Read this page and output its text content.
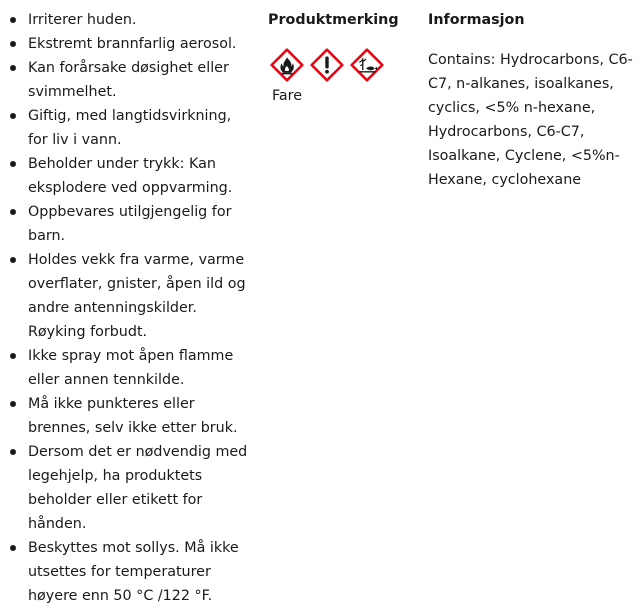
Irriterer huden.
Ekstremt brannfarlig aerosol.
Kan forårsake døsighet eller svimmelhet.
Giftig, med langtidsvirkning, for liv i vann.
Beholder under trykk: Kan eksplodere ved oppvarming.
Oppbevares utilgjengelig for barn.
Holdes vekk fra varme, varme overflater, gnister, åpen ild og andre antenningskilder. Røyking forbudt.
Ikke spray mot åpen flamme eller annen tennkilde.
Må ikke punkteres eller brennes, selv ikke etter bruk.
Dersom det er nødvendig med legehjelp, ha produktets beholder eller etikett for hånden.
Beskyttes mot sollys. Må ikke utsettes for temperaturer høyere enn 50 °C /122 °F.
Produktmerking
Fare
Informasjon
Contains: Hydrocarbons, C6-C7, n-alkanes, isoalkanes, cyclics, <5% n-hexane, Hydrocarbons, C6-C7, Isoalkane, Cyclene, <5%n-Hexane, cyclohexane
